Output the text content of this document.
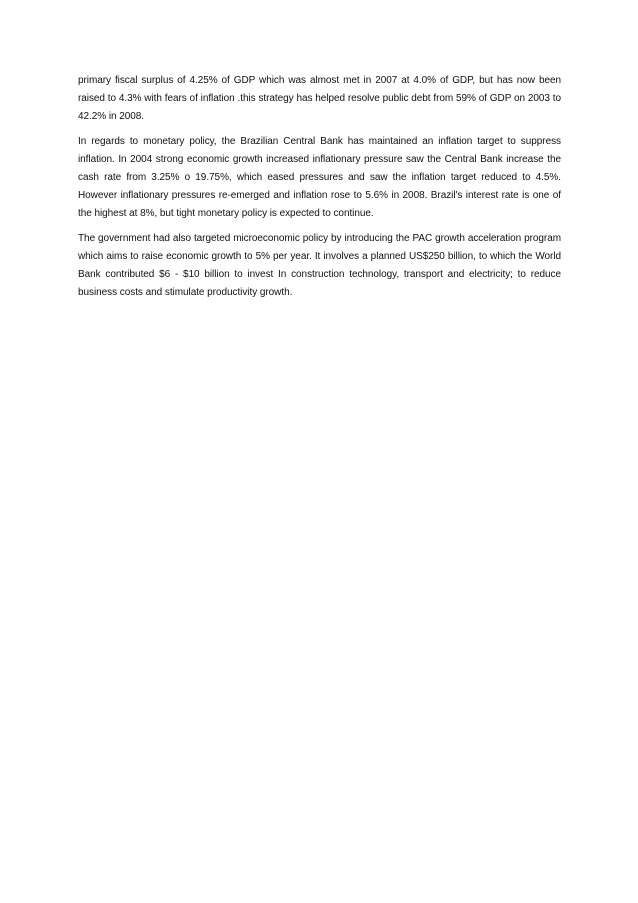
primary fiscal surplus of 4.25% of GDP which was almost met in 2007 at 4.0% of GDP, but has now been raised to 4.3% with fears of inflation .this strategy has helped resolve public debt from 59% of GDP on 2003 to 42.2% in 2008.

In regards to monetary policy, the Brazilian Central Bank has maintained an inflation target to suppress inflation. In 2004 strong economic growth increased inflationary pressure saw the Central Bank increase the cash rate from 3.25% o 19.75%, which eased pressures and saw the inflation target reduced to 4.5%. However inflationary pressures re-emerged and inflation rose to 5.6% in 2008. Brazil's interest rate is one of the highest at 8%, but tight monetary policy is expected to continue.

The government had also targeted microeconomic policy by introducing the PAC growth acceleration program which aims to raise economic growth to 5% per year. It involves a planned US$250 billion, to which the World Bank contributed $6 - $10 billion to invest In construction technology, transport and electricity; to reduce business costs and stimulate productivity growth.
